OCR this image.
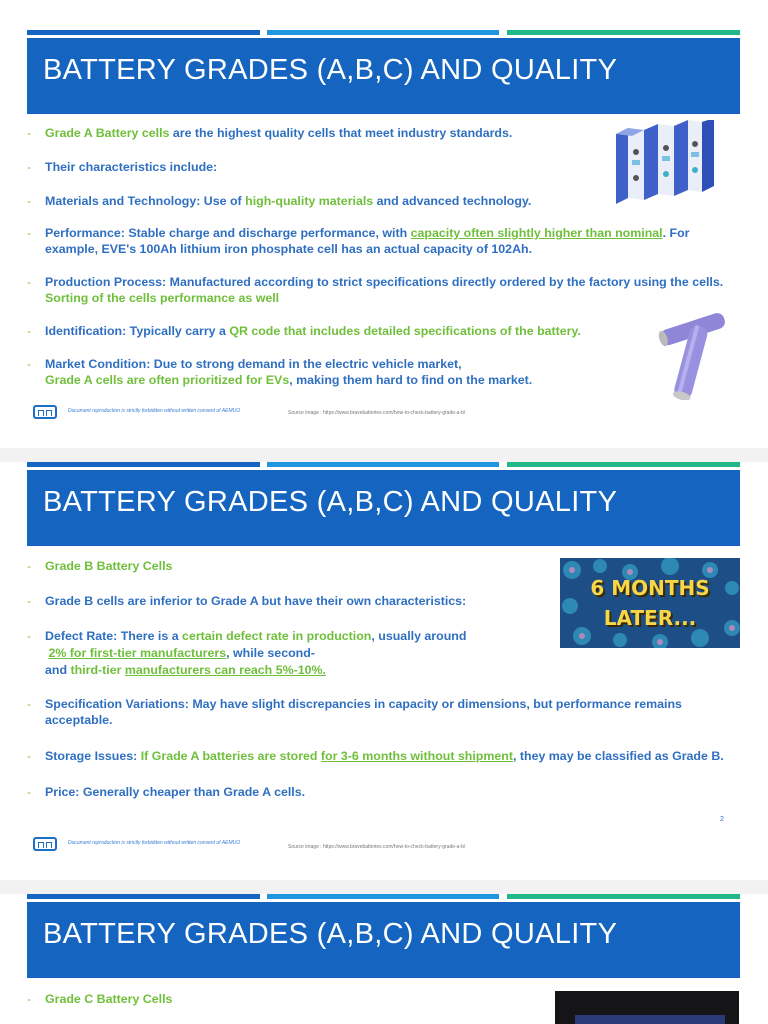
BATTERY GRADES (A,B,C) AND QUALITY
- Grade A Battery cells are the highest quality cells that meet industry standards.
- Their characteristics include:
- Materials and Technology: Use of high-quality materials and advanced technology.
- Performance: Stable charge and discharge performance, with capacity often slightly higher than nominal. For example, EVE's 100Ah lithium iron phosphate cell has an actual capacity of 102Ah.
- Production Process: Manufactured according to strict specifications directly ordered by the factory using the cells. Sorting of the cells performance as well
- Identification: Typically carry a QR code that includes detailed specifications of the battery.
- Market Condition: Due to strong demand in the electric vehicle market,
Grade A cells are often prioritized for EVs, making them hard to find on the market.
Document reproduction is strictly forbidden without written consent of AEMUO	Source image : https://www.bravebatteries.com/how-to-check-battery-grade-a-b/
BATTERY GRADES (A,B,C) AND QUALITY
- Grade B Battery Cells
- Grade B cells are inferior to Grade A but have their own characteristics:
- Defect Rate: There is a certain defect rate in production, usually around
2% for first-tier manufacturers, while second-
and third-tier manufacturers can reach 5%-10%.
- Specification Variations: May have slight discrepancies in capacity or dimensions, but performance remains acceptable.
- Storage Issues: If Grade A batteries are stored for 3-6 months without shipment, they may be classified as Grade B.
- Price: Generally cheaper than Grade A cells.
6 MONTHS
LATER...
2
Document reproduction is strictly forbidden without written consent of AEMUO
Source image : https://www.bravebatteries.com/how-to-check-battery-grade-a-b/
BATTERY GRADES (A,B,C) AND QUALITY
- Grade C Battery Cells
